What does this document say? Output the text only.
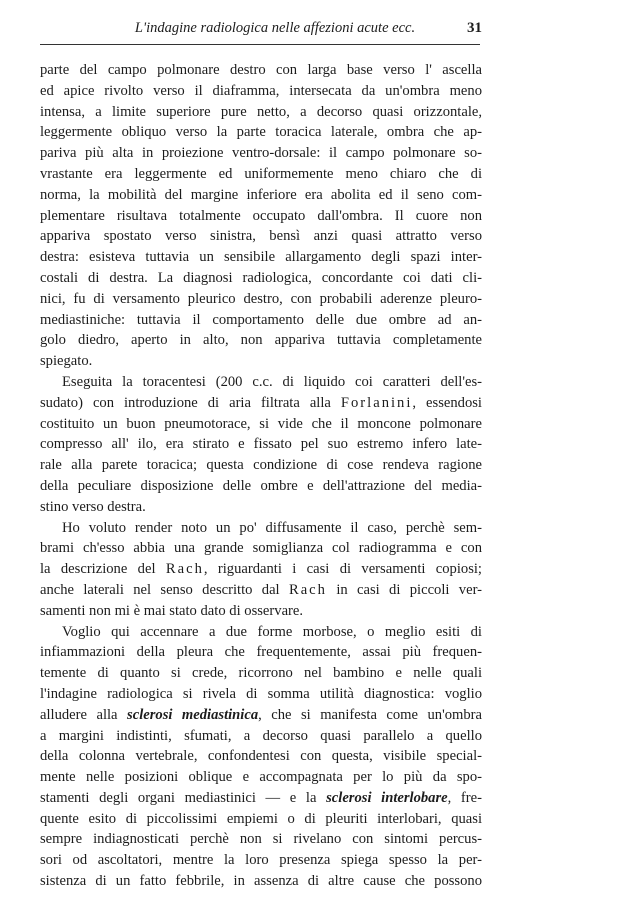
L'indagine radiologica nelle affezioni acute ecc.	31
parte del campo polmonare destro con larga base verso l' ascella
ed apice rivolto verso il diaframma, intersecata da un'ombra meno
intensa, a limite superiore pure netto, a decorso quasi orizzontale,
leggermente obliquo verso la parte toracica laterale, ombra che ap-
pariva più alta in proiezione ventro-dorsale: il campo polmonare so-
vrastante era leggermente ed uniformemente meno chiaro che di
norma, la mobilità del margine inferiore era abolita ed il seno com-
plementare risultava totalmente occupato dall'ombra. Il cuore non
appariva spostato verso sinistra, bensì anzi quasi attratto verso
destra: esisteva tuttavia un sensibile allargamento degli spazi inter-
costali di destra. La diagnosi radiologica, concordante coi dati cli-
nici, fu di versamento pleurico destro, con probabili aderenze pleuro-
mediastiniche: tuttavia il comportamento delle due ombre ad an-
golo diedro, aperto in alto, non appariva tuttavia completamente
spiegato.
Eseguita la toracentesi (200 c.c. di liquido coi caratteri dell'es-
sudato) con introduzione di aria filtrata alla Forlanini, essendosi
costituito un buon pneumotorace, si vide che il moncone polmonare
compresso all' ilo, era stirato e fissato pel suo estremo infero late-
rale alla parete toracica; questa condizione di cose rendeva ragione
della peculiare disposizione delle ombre e dell'attrazione del media-
stino verso destra.
Ho voluto render noto un po' diffusamente il caso, perchè sem-
brami ch'esso abbia una grande somiglianza col radiogramma e con
la descrizione del Rach, riguardanti i casi di versamenti copiosi;
anche laterali nel senso descritto dal Rach in casi di piccoli ver-
samenti non mi è mai stato dato di osservare.
Voglio qui accennare a due forme morbose, o meglio esiti di
infiammazioni della pleura che frequentemente, assai più frequen-
temente di quanto si crede, ricorrono nel bambino e nelle quali
l'indagine radiologica si rivela di somma utilità diagnostica: voglio
alludere alla sclerosi mediastinica, che si manifesta come un'ombra
a margini indistinti, sfumati, a decorso quasi parallelo a quello
della colonna vertebrale, confondentesi con questa, visibile special-
mente nelle posizioni oblique e accompagnata per lo più da spo-
stamenti degli organi mediastinici — e la sclerosi interlobare, fre-
quente esito di piccolissimi empiemi o di pleuriti interlobari, quasi
sempre indiagnosticati perchè non si rivelano con sintomi percus-
sori od ascoltatori, mentre la loro presenza spiega spesso la per-
sistenza di un fatto febbrile, in assenza di altre cause che possono
